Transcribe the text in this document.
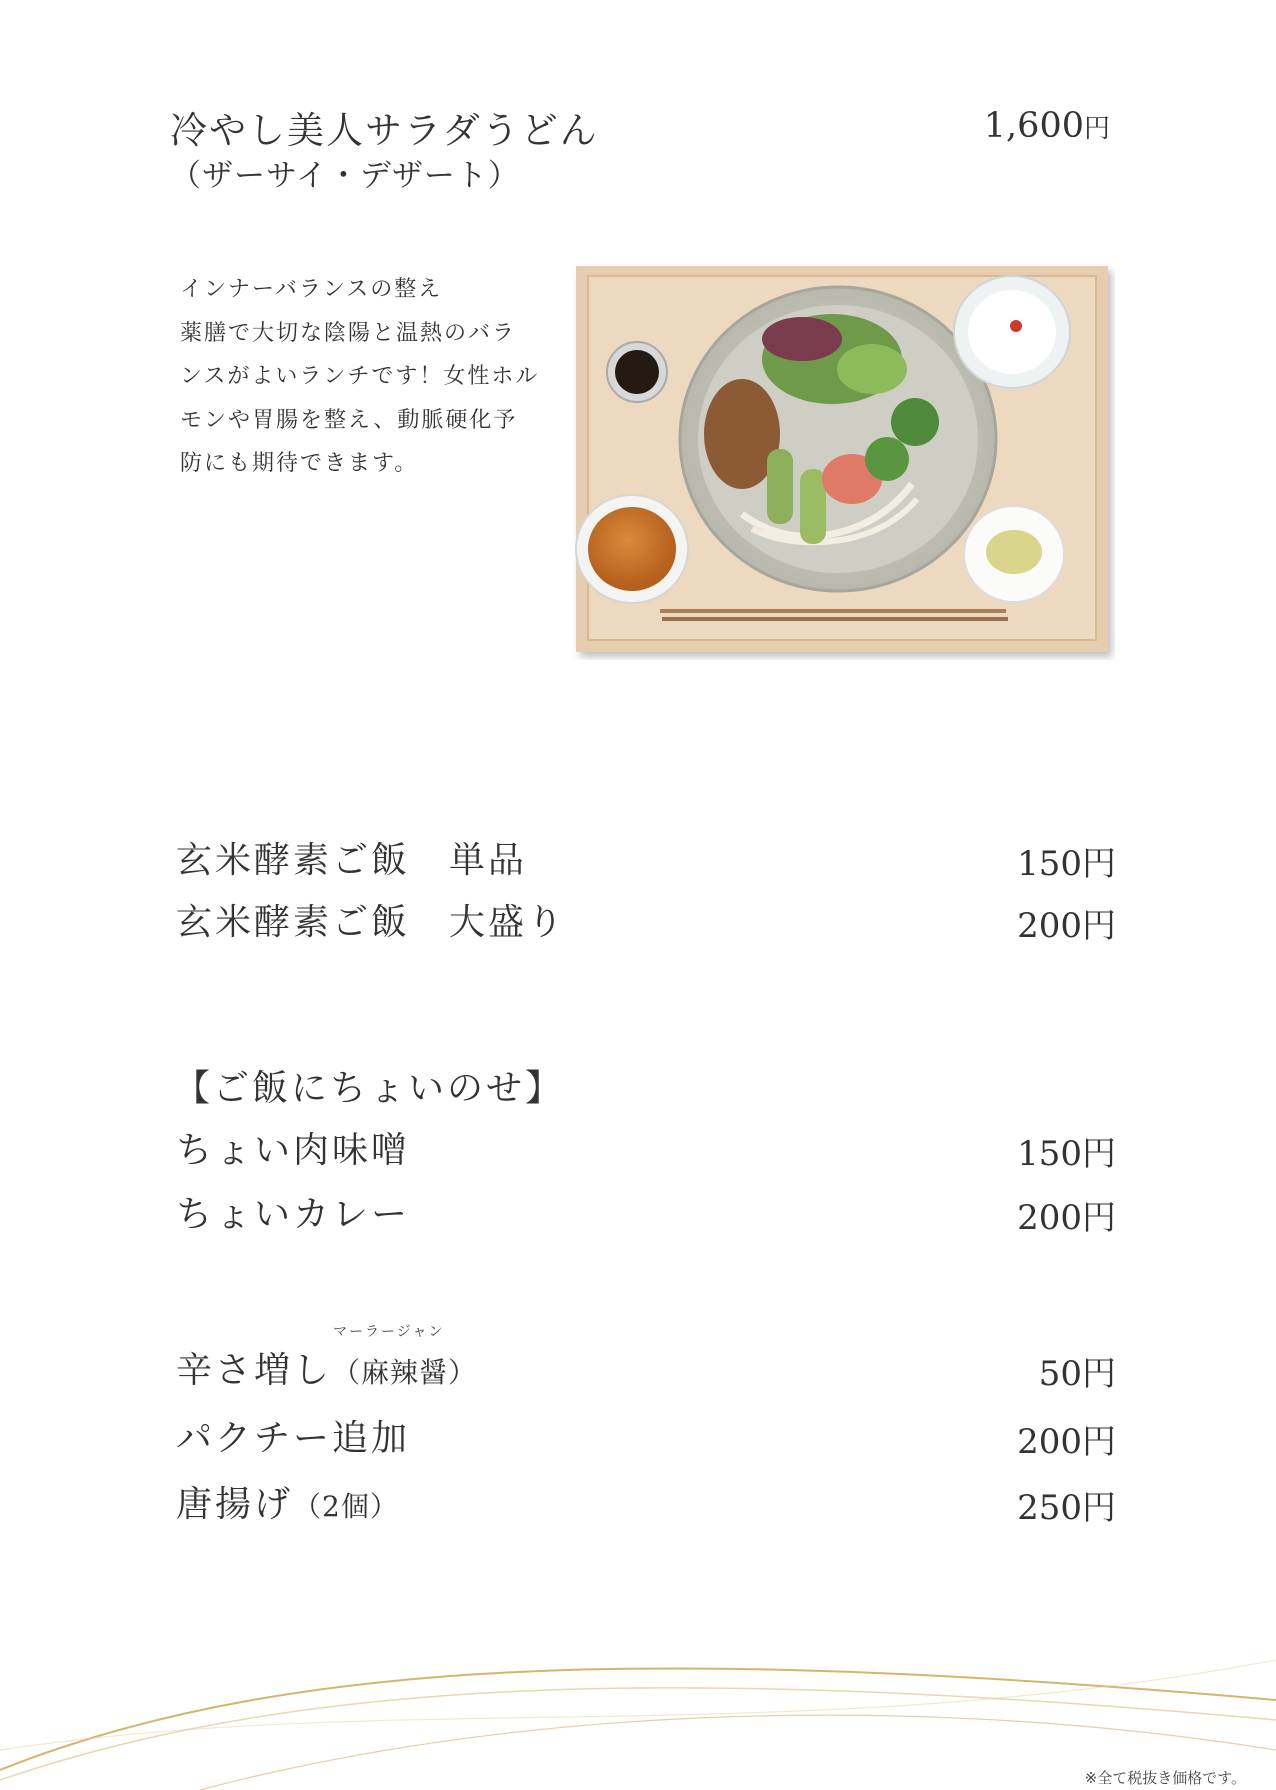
冷やし美人サラダうどん
（ザーサイ・デザート）
1,600円
インナーバランスの整え
薬膳で大切な陰陽と温熱のバラ
ンスがよいランチです！女性ホル
モンや胃腸を整え、動脈硬化予
防にも期待できます。
玄米酵素ご飯　単品	150円
玄米酵素ご飯　大盛り	200円
【ご飯にちょいのせ】
ちょい肉味噌	150円
ちょいカレー	200円
マーラージャン
辛さ増し（麻辣醤）	50円
パクチー追加	200円
唐揚げ（2個）	250円
※全て税抜き価格です。
